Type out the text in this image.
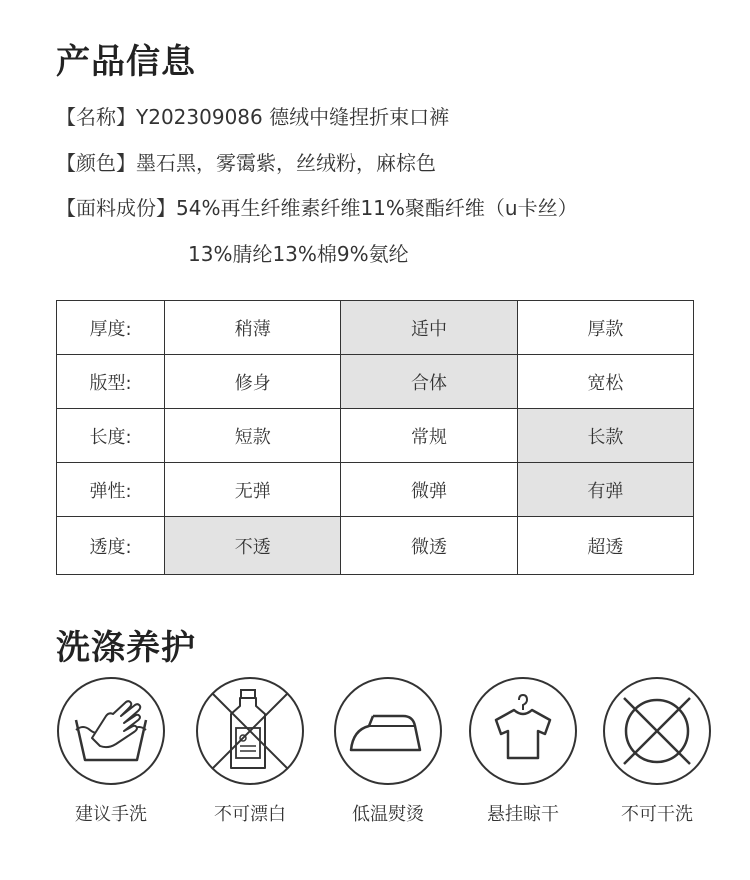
产品信息
【名称】Y202309086 德绒中缝捏折束口裤
【颜色】墨石黑，雾霭紫，丝绒粉，麻棕色
【面料成份】54%再生纤维素纤维11%聚酯纤维（u卡丝）
13%腈纶13%棉9%氨纶
厚度:	稍薄	适中	厚款
版型:	修身	合体	宽松
长度:	短款	常规	长款
弹性:	无弹	微弹	有弹
透度:	不透	微透	超透
洗涤养护
建议手洗	不可漂白	低温熨烫	悬挂晾干	不可干洗
